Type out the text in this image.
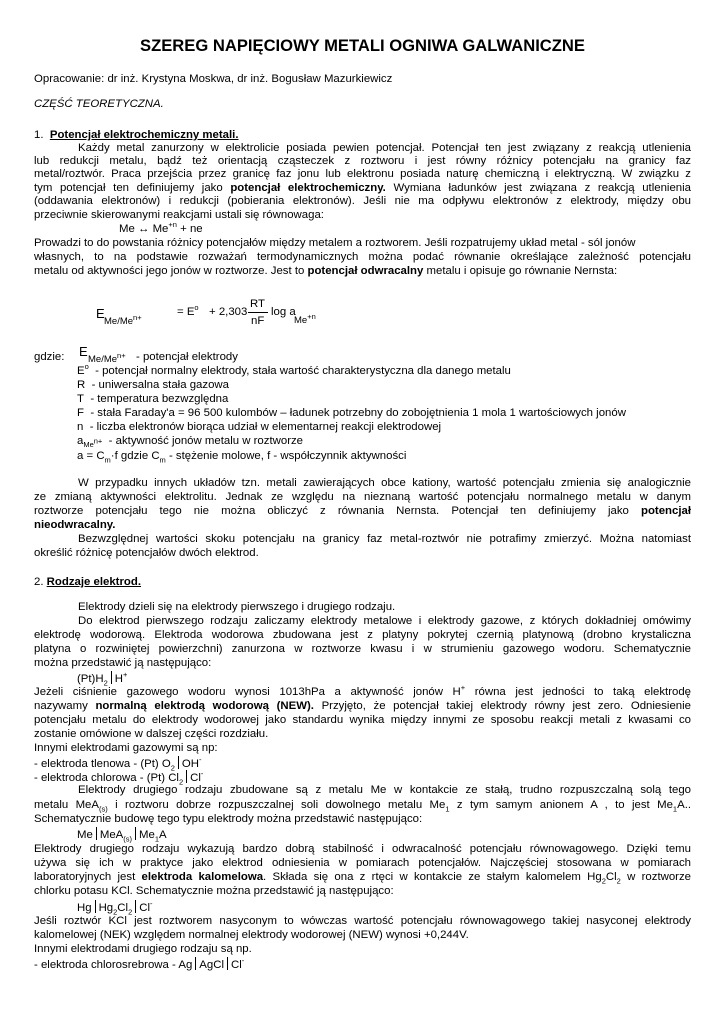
SZEREG NAPIĘCIOWY METALI OGNIWA GALWANICZNE
Opracowanie: dr inż. Krystyna Moskwa, dr inż. Bogusław Mazurkiewicz
CZĘŚĆ TEORETYCZNA.
1. Potencjał elektrochemiczny metali.
Każdy metal zanurzony w elektrolicie posiada pewien potencjał. Potencjał ten jest związany z reakcją utlenienia
lub redukcji metalu, bądź też orientacją cząsteczek z roztworu i jest równy różnicy potencjału na granicy faz
metal/roztwór. Praca przejścia przez granicę faz jonu lub elektronu posiada naturę chemiczną i elektryczną. W związku z
tym potencjał ten definiujemy jako potencjał elektrochemiczny. Wymiana ładunków jest związana z reakcją utlenienia
(oddawania elektronów) i redukcji (pobierania elektronów). Jeśli nie ma odpływu elektronów z elektrody, między obu
przeciwnie skierowanymi reakcjami ustali się równowaga:
Me ↔ $Me^{+n}$ + ne
Prowadzi to do powstania różnicy potencjałów między metalem a roztworem. Jeśli rozpatrujemy układ metal - sól jonów
własnych, to na podstawie rozważań termodynamicznych można podać równanie określające zależność potencjału
metalu od aktywności jego jonów w roztworze. Jest to potencjał odwracalny metalu i opisuje go równanie Nernsta:
E
$Me/Me^{n+}$	= $E^o + 2,303$
RT
nF
log a
$Me^{+n}$
gdzie: E
$Me/Me^{n+}$ - potencjał elektrody
$E^o$ - potencjał normalny elektrody, stała wartość charakterystyczna dla danego metalu
R - uniwersalna stała gazowa
T - temperatura bezwzględna
F - stała Faraday'a = 96 500 kulombów – ładunek potrzebny do zobojętnienia 1 mola 1 wartościowych jonów
n - liczba elektronów biorąca udział w elementarnej reakcji elektrodowej
$a_{Me^{n+}}$ - aktywność jonów metalu w roztworze
$a = C_m\cdot f$ gdzie $C_m$ - stężenie molowe, f - współczynnik aktywności
W przypadku innych układów tzn. metali zawierających obce kationy, wartość potencjału zmienia się analogicznie
ze zmianą aktywności elektrolitu. Jednak ze względu na nieznaną wartość potencjału normalnego metalu w danym
roztworze potencjału tego nie można obliczyć z równania Nernsta. Potencjał ten definiujemy jako potencjał
nieodwracalny.
Bezwzględnej wartości skoku potencjału na granicy faz metal-roztwór nie potrafimy zmierzyć. Można natomiast
określić różnicę potencjałów dwóch elektrod.
2. Rodzaje elektrod.
Elektrody dzieli się na elektrody pierwszego i drugiego rodzaju.
Do elektrod pierwszego rodzaju zaliczamy elektrody metalowe i elektrody gazowe, z których dokładniej omówimy
elektrodę wodorową. Elektroda wodorowa zbudowana jest z platyny pokrytej czernią platynową (drobno krystaliczna
platyna o rozwiniętej powierzchni) zanurzona w roztworze kwasu i w strumieniu gazowego wodoru. Schematycznie
można przedstawić ją następująco:
$(Pt)H_2$ H+
Jeżeli ciśnienie gazowego wodoru wynosi 1013hPa a aktywność jonów H+ równa jest jedności to taką elektrodę
nazywamy normalną elektrodą wodorową (NEW). Przyjęto, że potencjał takiej elektrody równy jest zero. Odniesienie
potencjału metalu do elektrody wodorowej jako standardu wynika między innymi ze sposobu reakcji metali z kwasami co
zostanie omówione w dalszej części rozdziału.
Innymi elektrodami gazowymi są np:
- elektroda tlenowa - (Pt) $O_2$ OH-
- elektroda chlorowa - (Pt) $Cl_2$ Cl-
Elektrody drugiego rodzaju zbudowane są z metalu Me w kontakcie ze stałą, trudno rozpuszczalną solą tego
metalu MeA$_{(s)}$ i roztworu dobrze rozpuszczalnej soli dowolnego metalu $Me_1$ z tym samym anionem A , to jest $Me_1A$..
Schematycznie budowę tego typu elektrody można przedstawić następująco:
Me MeA$_{(s)}$ $Me_1A$
Elektrody drugiego rodzaju wykazują bardzo dobrą stabilność i odwracalność potencjału równowagowego. Dzięki temu
używa się ich w praktyce jako elektrod odniesienia w pomiarach potencjałów. Najczęściej stosowana w pomiarach
laboratoryjnych jest elektroda kalomelowa. Składa się ona z rtęci w kontakcie ze stałym kalomelem $Hg_2Cl_2$ w roztworze
chlorku potasu KCl. Schematycznie można przedstawić ją następująco:
Hg $Hg_2Cl_2$ Cl-
Jeśli roztwór KCl jest roztworem nasyconym to wówczas wartość potencjału równowagowego takiej nasyconej elektrody
kalomelowej (NEK) względem normalnej elektrody wodorowej (NEW) wynosi +0,244V.
Innymi elektrodami drugiego rodzaju są np.
- elektroda chlorosrebrowa - Ag AgCl Cl-
